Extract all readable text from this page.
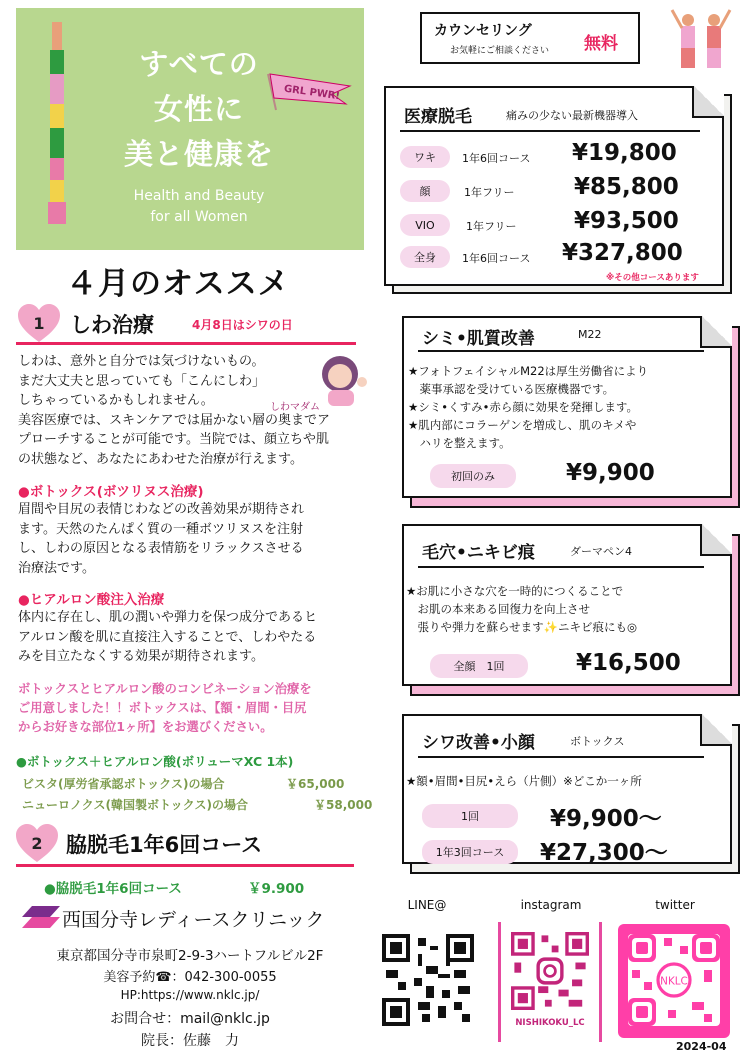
すべての
女性に
美と健康を
Health and Beauty
for all Women
GRL PWR!
カウンセリング
お気軽にご相談ください 無料
医療脱毛	痛みの少ない最新機器導入
ワキ	1年6回コース ¥19,800
顔	1年フリー	¥85,800
VIO	1年フリー ¥93,500
全身	1年6回コース ¥327,800
※その他コースあります
シミ•肌質改善	M22
★フォトフェイシャルM22は厚生労働省により
　薬事承認を受けている医療機器です。
★シミ•くすみ•赤ら顔に効果を発揮します。
★肌内部にコラーゲンを増成し、肌のキメや
　ハリを整えます。
初回のみ	¥9,900
毛穴•ニキビ痕	ダーマペン4
★お肌に小さな穴を一時的につくることで
　お肌の本来ある回復力を向上させ
　張りや弾力を蘇らせます✨ニキビ痕にも◎
全顔　1回	¥16,500
シワ改善•小顔	ボトックス
★額•眉間•目尻•えら（片側）※どこか一ヶ所
1回	¥9,900〜
1年3回コース	¥27,300〜
４月のオススメ
1 しわ治療	4月8日はシワの日
しわマダム
しわは、意外と自分では気づけないもの。
まだ大丈夫と思っていても「こんにしわ」
しちゃっているかもしれません。
美容医療では、スキンケアでは届かない層の奥までア
プローチすることが可能です。当院では、顔立ちや肌
の状態など、あなたにあわせた治療が行えます。
●ボトックス(ボツリヌス治療)
眉間や目尻の表情じわなどの改善効果が期待され
ます。天然のたんぱく質の一種ボツリヌスを注射
し、しわの原因となる表情筋をリラックスさせる
治療法です。
●ヒアルロン酸注入治療
体内に存在し、肌の潤いや弾力を保つ成分であるヒ
アルロン酸を肌に直接注入することで、しわやたる
みを目立たなくする効果が期待されます。
ボトックスとヒアルロン酸のコンビネーション治療を
ご用意しました！！ボトックスは、【額・眉間・目尻
からお好きな部位1ヶ所】をお選びください。
●ボトックス＋ヒアルロン酸(ボリューマXC 1本)
ビスタ(厚労省承認ボトックス)の場合	￥65,000
ニューロノクス(韓国製ボトックス)の場合	￥58,000
2 脇脱毛1年6回コース
●脇脱毛1年6回コース	￥9.900
西国分寺レディースクリニック
東京都国分寺市泉町2-9-3ハートフルビル2F
美容予約☎：042-300-0055
HP:https://www.nklc.jp/
お問合せ：mail@nklc.jp
院長：佐藤　力
LINE@	instagram	twitter
NISHIKOKU_LC
NKLC
2024-04
